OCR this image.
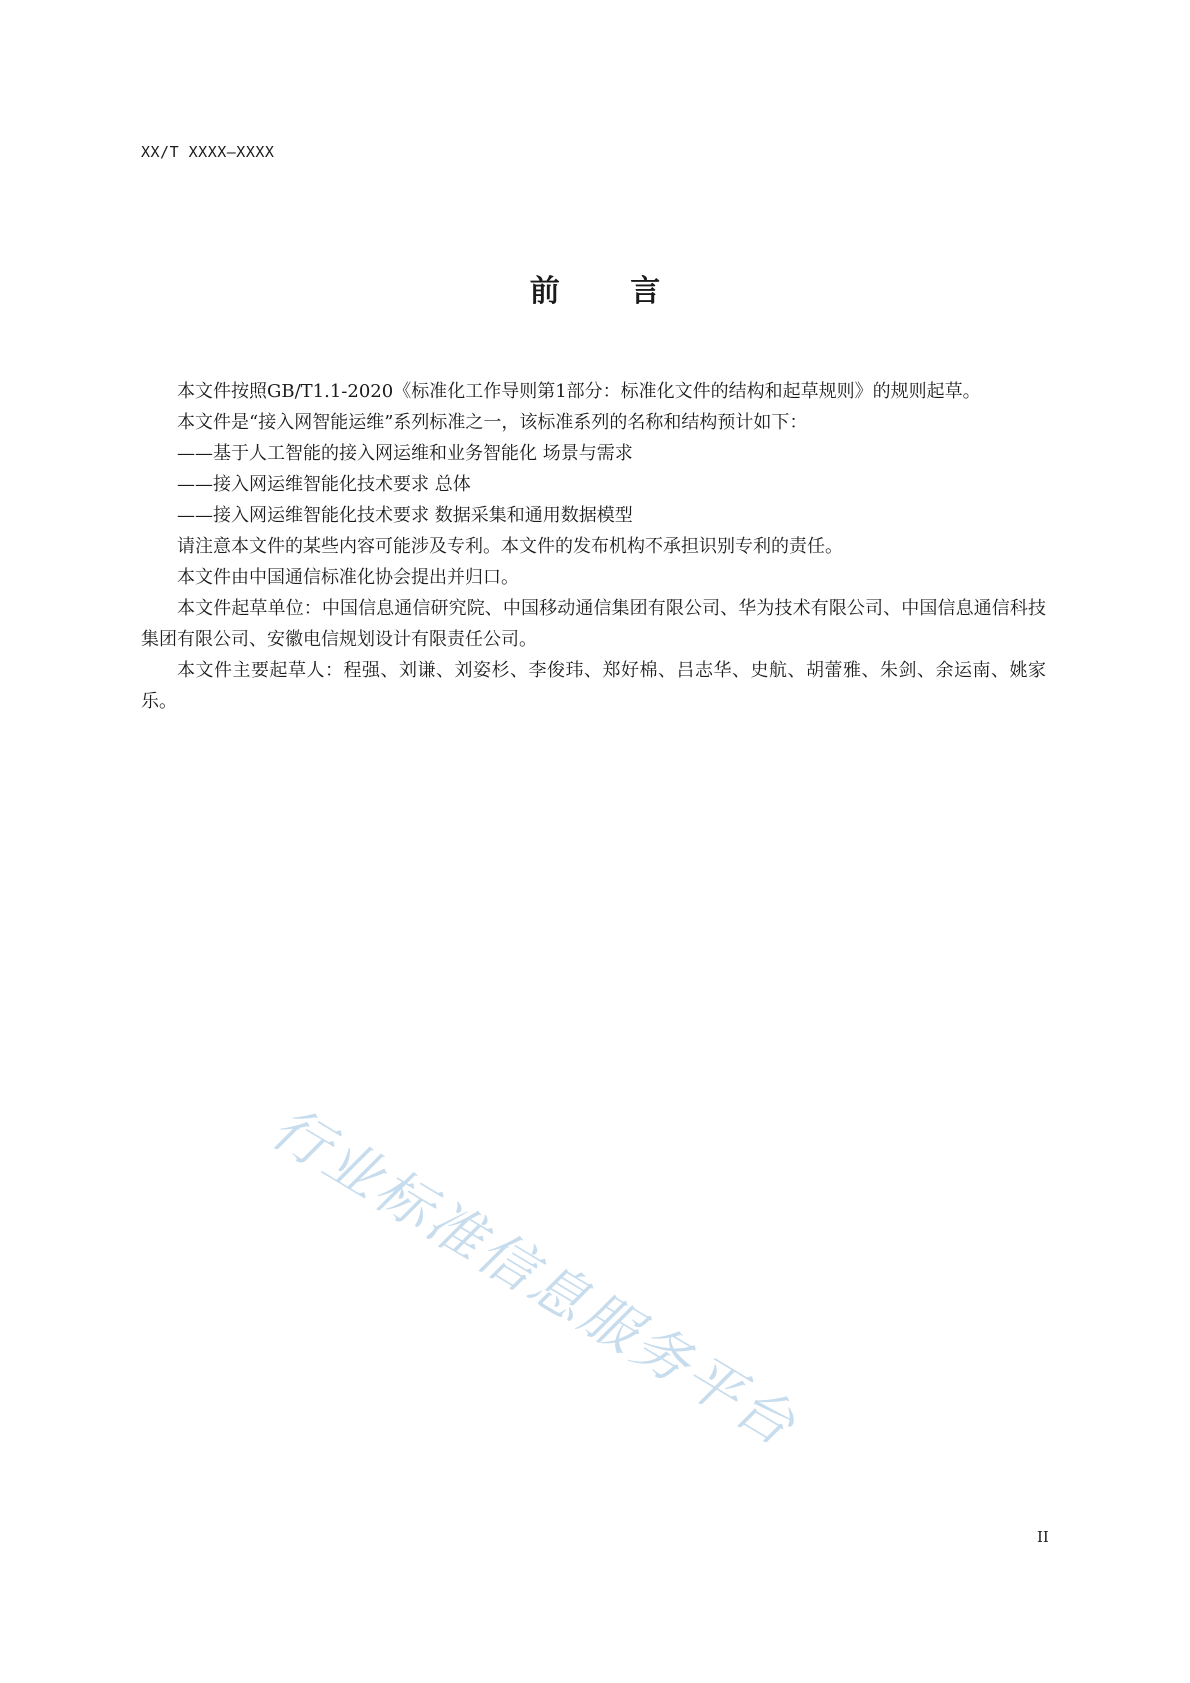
XX/T XXXX—XXXX
前 言

本文件按照GB/T1.1-2020《标准化工作导则第1部分：标准化文件的结构和起草规则》的规则起草。

本文件是“接入网智能运维”系列标准之一，该标准系列的名称和结构预计如下：

——基于人工智能的接入网运维和业务智能化 场景与需求

——接入网运维智能化技术要求 总体

——接入网运维智能化技术要求 数据采集和通用数据模型

请注意本文件的某些内容可能涉及专利。本文件的发布机构不承担识别专利的责任。

本文件由中国通信标准化协会提出并归口。

本文件起草单位：中国信息通信研究院、中国移动通信集团有限公司、华为技术有限公司、中国信息通信科技集团有限公司、安徽电信规划设计有限责任公司。

本文件主要起草人：程强、刘谦、刘姿杉、李俊玮、郑好棉、吕志华、史航、胡蕾雅、朱剑、余运南、姚家乐。

行业标准信息服务平台
II
